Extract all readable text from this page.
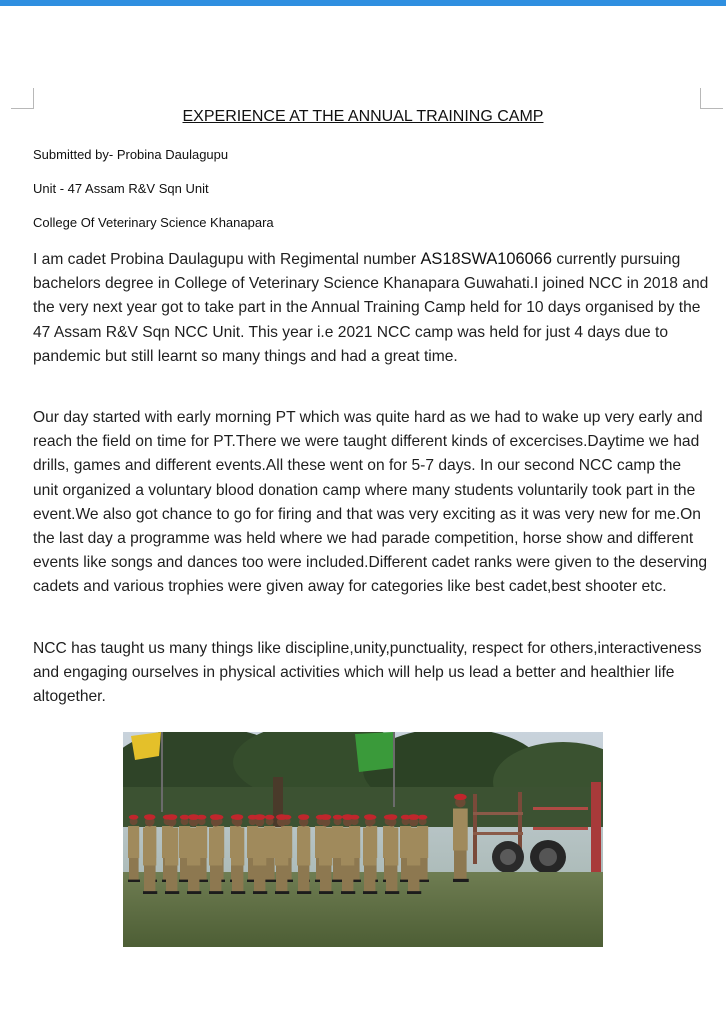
EXPERIENCE AT THE ANNUAL TRAINING CAMP
Submitted by- Probina Daulagupu
Unit - 47 Assam R&V Sqn Unit
College Of Veterinary Science Khanapara

I am cadet Probina Daulagupu with Regimental number AS18SWA106066 currently pursuing bachelors degree in College of Veterinary Science Khanapara Guwahati.I joined NCC in 2018 and the very next year got to take part in the Annual Training Camp held for 10 days organised by the 47 Assam R&V Sqn NCC Unit. This year i.e 2021 NCC camp was held for just 4 days due to pandemic but still learnt so many things and had a great time.

Our day started with early morning PT which was quite hard as we had to wake up very early and reach the field on time for PT.There we were taught different kinds of excercises.Daytime we had drills, games and different events.All these went on for 5-7 days. In our second NCC camp the unit organized a voluntary blood donation camp where many students voluntarily took part in the event.We also got chance to go for firing and that was very exciting as it was very new for me.On the last day a programme was held where we had parade competition, horse show and different events like songs and dances too were included.Different cadet ranks were given to the deserving cadets and various trophies were given away for categories like best cadet,best shooter etc.

NCC has taught us many things like discipline,unity,punctuality, respect for others,interactiveness and engaging ourselves in physical activities which will help us lead a better and healthier life altogether.
